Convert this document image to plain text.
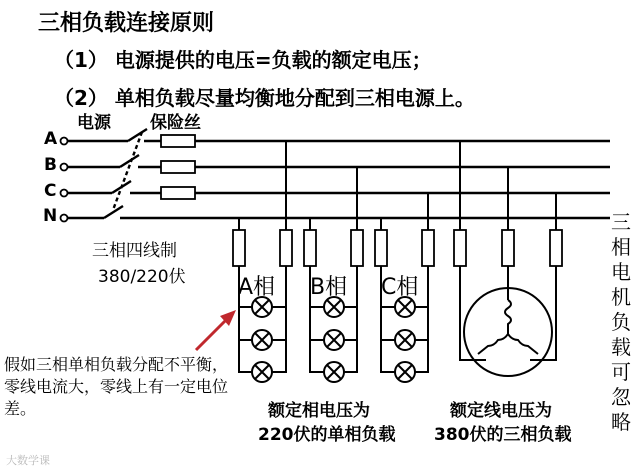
三相负载连接原则
（1） 电源提供的电压=负载的额定电压；
（2） 单相负载尽量均衡地分配到三相电源上。
电源 保险丝
A
B
C
N
三相四线制
380/220伏 A相 B相 C相
额定相电压为
220伏的单相负载
额定线电压为
380伏的三相负载
三相电机负载可忽略
假如三相单相负载分配不平衡，零线电流大，零线上有一定电位差。
大数学课
